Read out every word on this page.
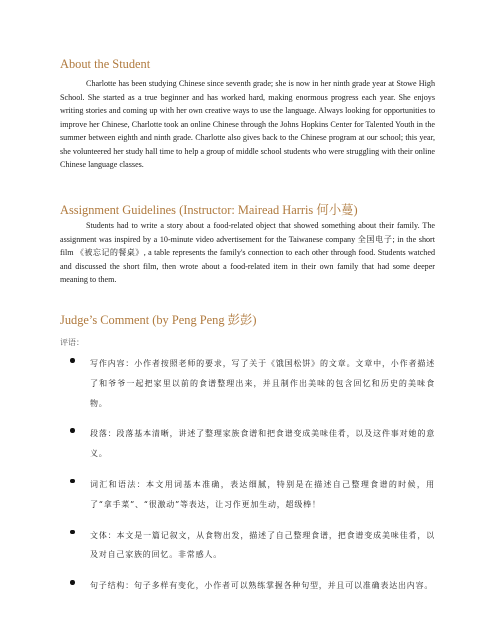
About the Student

Charlotte has been studying Chinese since seventh grade; she is now in her ninth grade year at Stowe High School. She started as a true beginner and has worked hard, making enormous progress each year. She enjoys writing stories and coming up with her own creative ways to use the language. Always looking for opportunities to improve her Chinese, Charlotte took an online Chinese through the Johns Hopkins Center for Talented Youth in the summer between eighth and ninth grade. Charlotte also gives back to the Chinese program at our school; this year, she volunteered her study hall time to help a group of middle school students who were struggling with their online Chinese language classes.

Assignment Guidelines (Instructor: Mairead Harris 何小蔓)

Students had to write a story about a food-related object that showed something about their family. The assignment was inspired by a 10-minute video advertisement for the Taiwanese company 全国电子; in the short film 《被忘记的餐桌》, a table represents the family's connection to each other through food. Students watched and discussed the short film, then wrote about a food-related item in their own family that had some deeper meaning to them.

Judge’s Comment (by Peng Peng 彭彭)
评语：
写作内容：小作者按照老师的要求，写了关于《饿国松饼》的文章。文章中，小作者描述了和爷爷一起把家里以前的食谱整理出来，并且制作出美味的包含回忆和历史的美味食物。
段落：段落基本清晰，讲述了整理家族食谱和把食谱变成美味佳肴，以及这件事对她的意义。
词汇和语法：本文用词基本准确，表达细腻，特别是在描述自己整理食谱的时候，用了“拿手菜”、“很激动”等表达，让习作更加生动，超级棒！
文体：本文是一篇记叙文，从食物出发，描述了自己整理食谱，把食谱变成美味佳肴，以及对自己家族的回忆。非常感人。
句子结构：句子多样有变化，小作者可以熟练掌握各种句型，并且可以准确表达出内容。
